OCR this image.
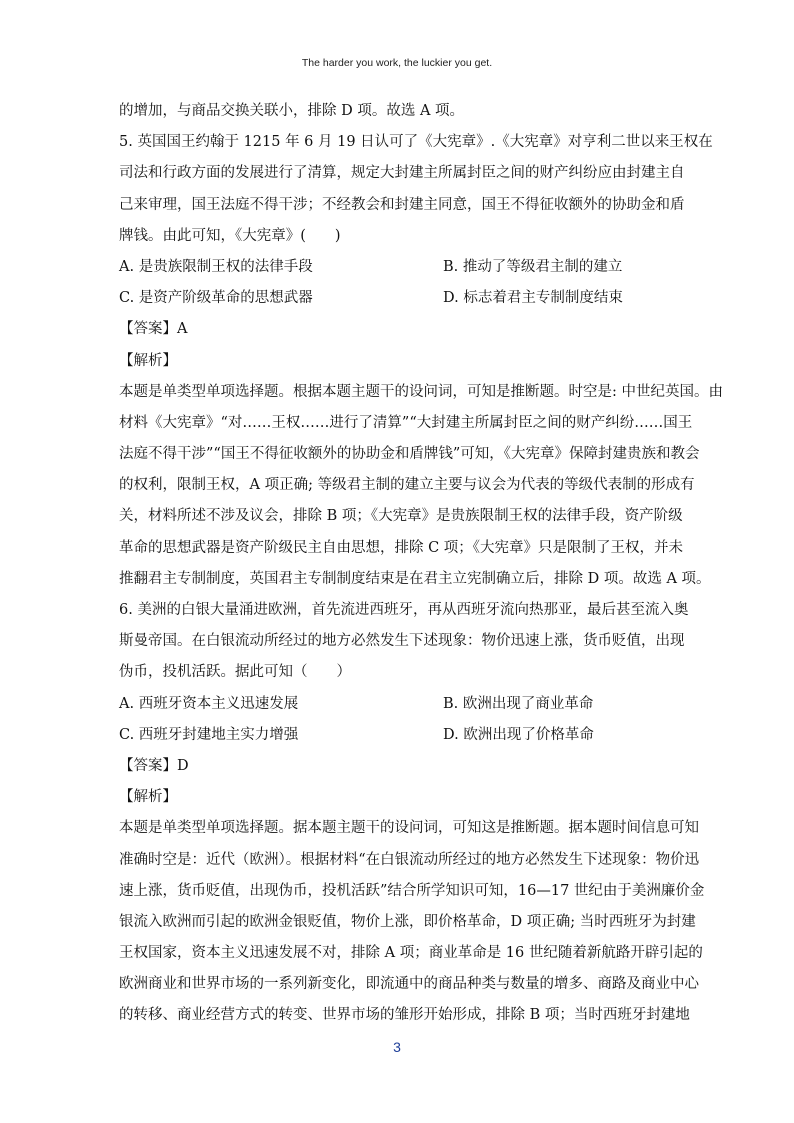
The harder you work, the luckier you get.
的增加，与商品交换关联小，排除 D 项。故选 A 项。
5. 英国国王约翰于 1215 年 6 月 19 日认可了《大宪章》.《大宪章》对亨利二世以来王权在
司法和行政方面的发展进行了清算，规定大封建主所属封臣之间的财产纠纷应由封建主自
己来审理，国王法庭不得干涉；不经教会和封建主同意，国王不得征收额外的协助金和盾
牌钱。由此可知，《大宪章》(　　)
A. 是贵族限制王权的法律手段	B. 推动了等级君主制的建立
C. 是资产阶级革命的思想武器	D. 标志着君主专制制度结束
【答案】A
【解析】
本题是单类型单项选择题。根据本题主题干的设问词，可知是推断题。时空是: 中世纪英国。由
材料《大宪章》“对……王权……进行了清算”“大封建主所属封臣之间的财产纠纷……国王
法庭不得干涉”“国王不得征收额外的协助金和盾牌钱”可知，《大宪章》保障封建贵族和教会
的权利，限制王权，A 项正确; 等级君主制的建立主要与议会为代表的等级代表制的形成有
关，材料所述不涉及议会，排除 B 项；《大宪章》是贵族限制王权的法律手段，资产阶级
革命的思想武器是资产阶级民主自由思想，排除 C 项；《大宪章》只是限制了王权，并未
推翻君主专制制度，英国君主专制制度结束是在君主立宪制确立后，排除 D 项。故选 A 项。
6. 美洲的白银大量涌进欧洲，首先流进西班牙，再从西班牙流向热那亚，最后甚至流入奥
斯曼帝国。在白银流动所经过的地方必然发生下述现象：物价迅速上涨，货币贬值，出现
伪币，投机活跃。据此可知（　　）
A. 西班牙资本主义迅速发展	B. 欧洲出现了商业革命
C. 西班牙封建地主实力增强	D. 欧洲出现了价格革命
【答案】D
【解析】
本题是单类型单项选择题。据本题主题干的设问词，可知这是推断题。据本题时间信息可知
准确时空是：近代（欧洲）。根据材料“在白银流动所经过的地方必然发生下述现象：物价迅
速上涨，货币贬值，出现伪币，投机活跃”结合所学知识可知，16—17 世纪由于美洲廉价金
银流入欧洲而引起的欧洲金银贬值，物价上涨，即价格革命，D 项正确; 当时西班牙为封建
王权国家，资本主义迅速发展不对，排除 A 项；商业革命是 16 世纪随着新航路开辟引起的
欧洲商业和世界市场的一系列新变化，即流通中的商品种类与数量的增多、商路及商业中心
的转移、商业经营方式的转变、世界市场的雏形开始形成，排除 B 项；当时西班牙封建地
3
